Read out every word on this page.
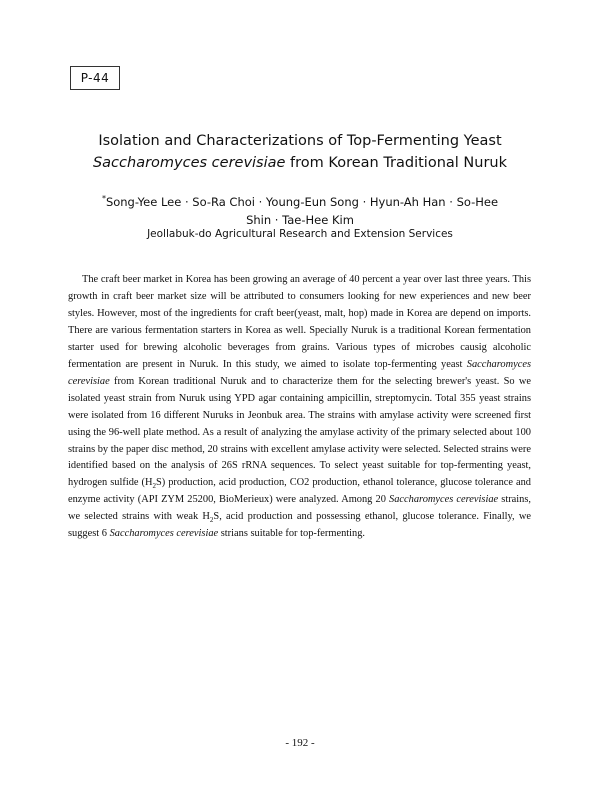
P-44
Isolation and Characterizations of Top-Fermenting Yeast
Saccharomyces cerevisiae from Korean Traditional Nuruk
*Song-Yee Lee · So-Ra Choi · Young-Eun Song · Hyun-Ah Han · So-Hee
Shin · Tae-Hee Kim
Jeollabuk-do Agricultural Research and Extension Services

The craft beer market in Korea has been growing an average of 40 percent a year over last three years. This growth in craft beer market size will be attributed to consumers looking for new experiences and new beer styles. However, most of the ingredients for craft beer(yeast, malt, hop) made in Korea are depend on imports. There are various fermentation starters in Korea as well. Specially Nuruk is a traditional Korean fermentation starter used for brewing alcoholic beverages from grains. Various types of microbes causig alcoholic fermentation are present in Nuruk. In this study, we aimed to isolate top-fermenting yeast Saccharomyces cerevisiae from Korean traditional Nuruk and to characterize them for the selecting brewer's yeast. So we isolated yeast strain from Nuruk using YPD agar containing ampicillin, streptomycin. Total 355 yeast strains were isolated from 16 different Nuruks in Jeonbuk area. The strains with amylase activity were screened first using the 96-well plate method. As a result of analyzing the amylase activity of the primary selected about 100 strains by the paper disc method, 20 strains with excellent amylase activity were selected. Selected strains were identified based on the analysis of 26S rRNA sequences. To select yeast suitable for top-fermenting yeast, hydrogen sulfide $(H_2S)$ production, acid production, CO2 production, ethanol tolerance, glucose tolerance and enzyme activity (API ZYM 25200, BioMerieux) were analyzed. Among 20 Saccharomyces cerevisiae strains, we selected strains with weak $H_2S$, acid production and possessing ethanol, glucose tolerance. Finally, we suggest 6 Saccharomyces cerevisiae strians suitable for top-fermenting.

- 192 -
